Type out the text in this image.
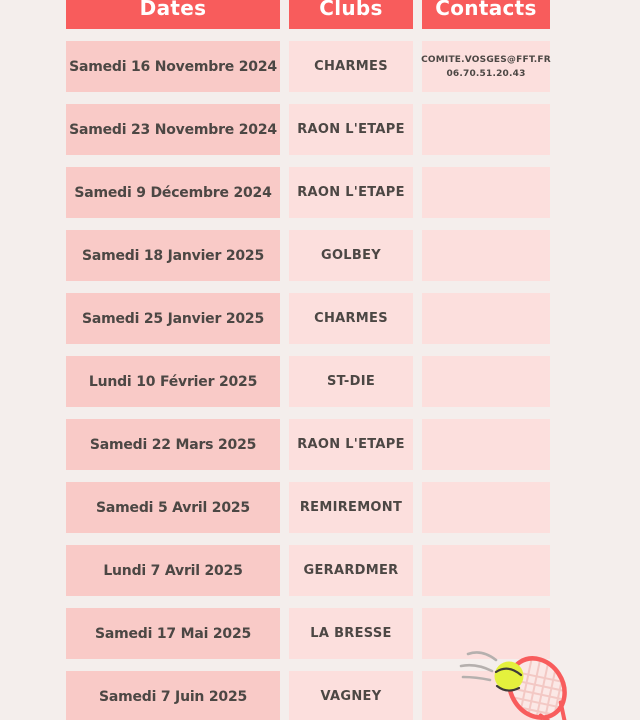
Dates	Clubs	Contacts
Samedi 16 Novembre 2024	CHARMES	COMITE.VOSGES@FFT.FR
06.70.51.20.43
Samedi 23 Novembre 2024	RAON L'ETAPE
Samedi 9 Décembre 2024	RAON L'ETAPE
Samedi 18 Janvier 2025	GOLBEY
Samedi 25 Janvier 2025	CHARMES
Lundi 10 Février 2025	ST-DIE
Samedi 22 Mars 2025	RAON L'ETAPE
Samedi 5 Avril 2025	REMIREMONT
Lundi 7 Avril 2025	GERARDMER
Samedi 17 Mai 2025	LA BRESSE
Samedi 7 Juin 2025	VAGNEY
